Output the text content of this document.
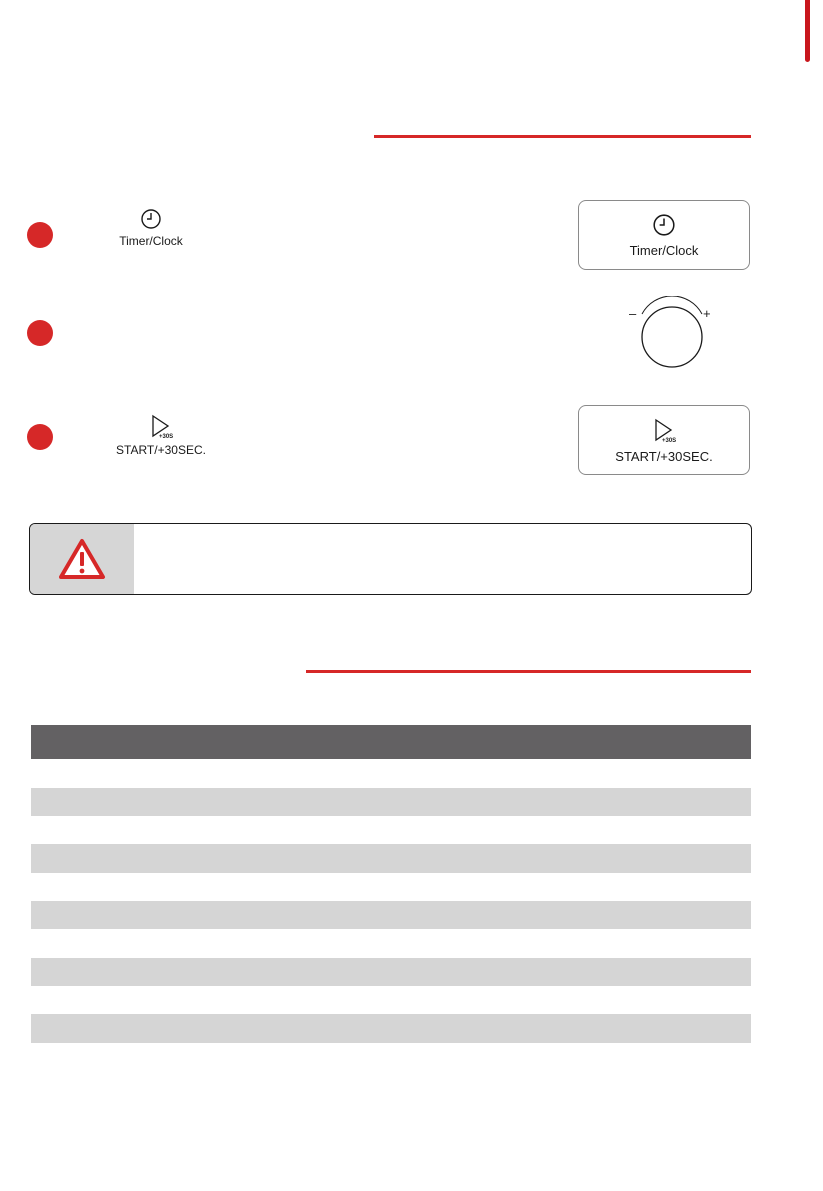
Timer/Clock
Timer/Clock
–	+
+30S
START/+30SEC.
+30S
START/+30SEC.
